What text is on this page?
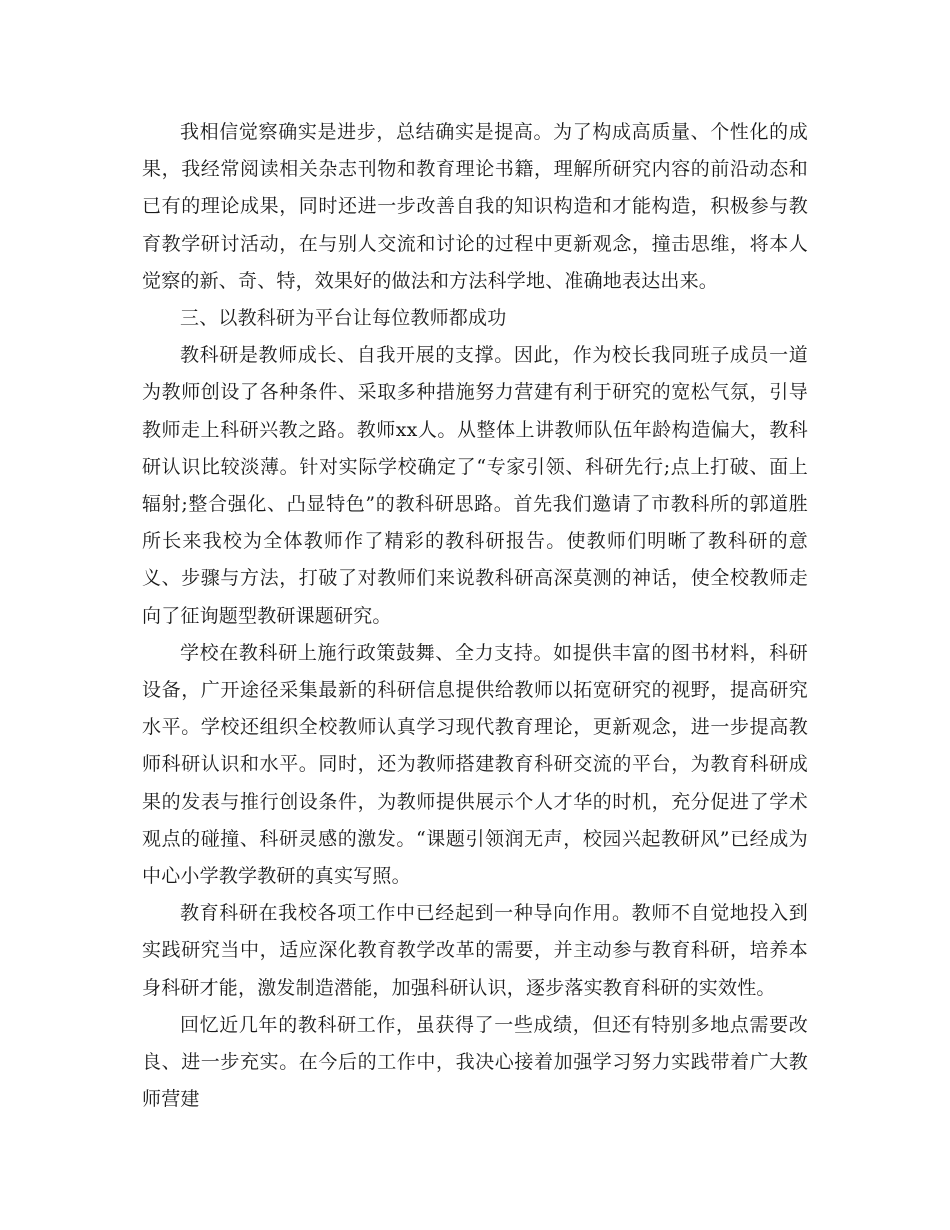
我相信觉察确实是进步，总结确实是提高。为了构成高质量、个性化的成果，我经常阅读相关杂志刊物和教育理论书籍，理解所研究内容的前沿动态和已有的理论成果，同时还进一步改善自我的知识构造和才能构造，积极参与教育教学研讨活动，在与别人交流和讨论的过程中更新观念，撞击思维，将本人觉察的新、奇、特，效果好的做法和方法科学地、准确地表达出来。

三、以教科研为平台让每位教师都成功

教科研是教师成长、自我开展的支撑。因此，作为校长我同班子成员一道为教师创设了各种条件、采取多种措施努力营建有利于研究的宽松气氛，引导教师走上科研兴教之路。教师xx人。从整体上讲教师队伍年龄构造偏大，教科研认识比较淡薄。针对实际学校确定了“专家引领、科研先行;点上打破、面上辐射;整合强化、凸显特色”的教科研思路。首先我们邀请了市教科所的郭道胜所长来我校为全体教师作了精彩的教科研报告。使教师们明晰了教科研的意义、步骤与方法，打破了对教师们来说教科研高深莫测的神话，使全校教师走向了征询题型教研课题研究。

学校在教科研上施行政策鼓舞、全力支持。如提供丰富的图书材料，科研设备，广开途径采集最新的科研信息提供给教师以拓宽研究的视野，提高研究水平。学校还组织全校教师认真学习现代教育理论，更新观念，进一步提高教师科研认识和水平。同时，还为教师搭建教育科研交流的平台，为教育科研成果的发表与推行创设条件，为教师提供展示个人才华的时机，充分促进了学术观点的碰撞、科研灵感的激发。“课题引领润无声，校园兴起教研风”已经成为中心小学教学教研的真实写照。

教育科研在我校各项工作中已经起到一种导向作用。教师不自觉地投入到实践研究当中，适应深化教育教学改革的需要，并主动参与教育科研，培养本身科研才能，激发制造潜能，加强科研认识，逐步落实教育科研的实效性。

回忆近几年的教科研工作，虽获得了一些成绩，但还有特别多地点需要改良、进一步充实。在今后的工作中，我决心接着加强学习努力实践带着广大教师营建
